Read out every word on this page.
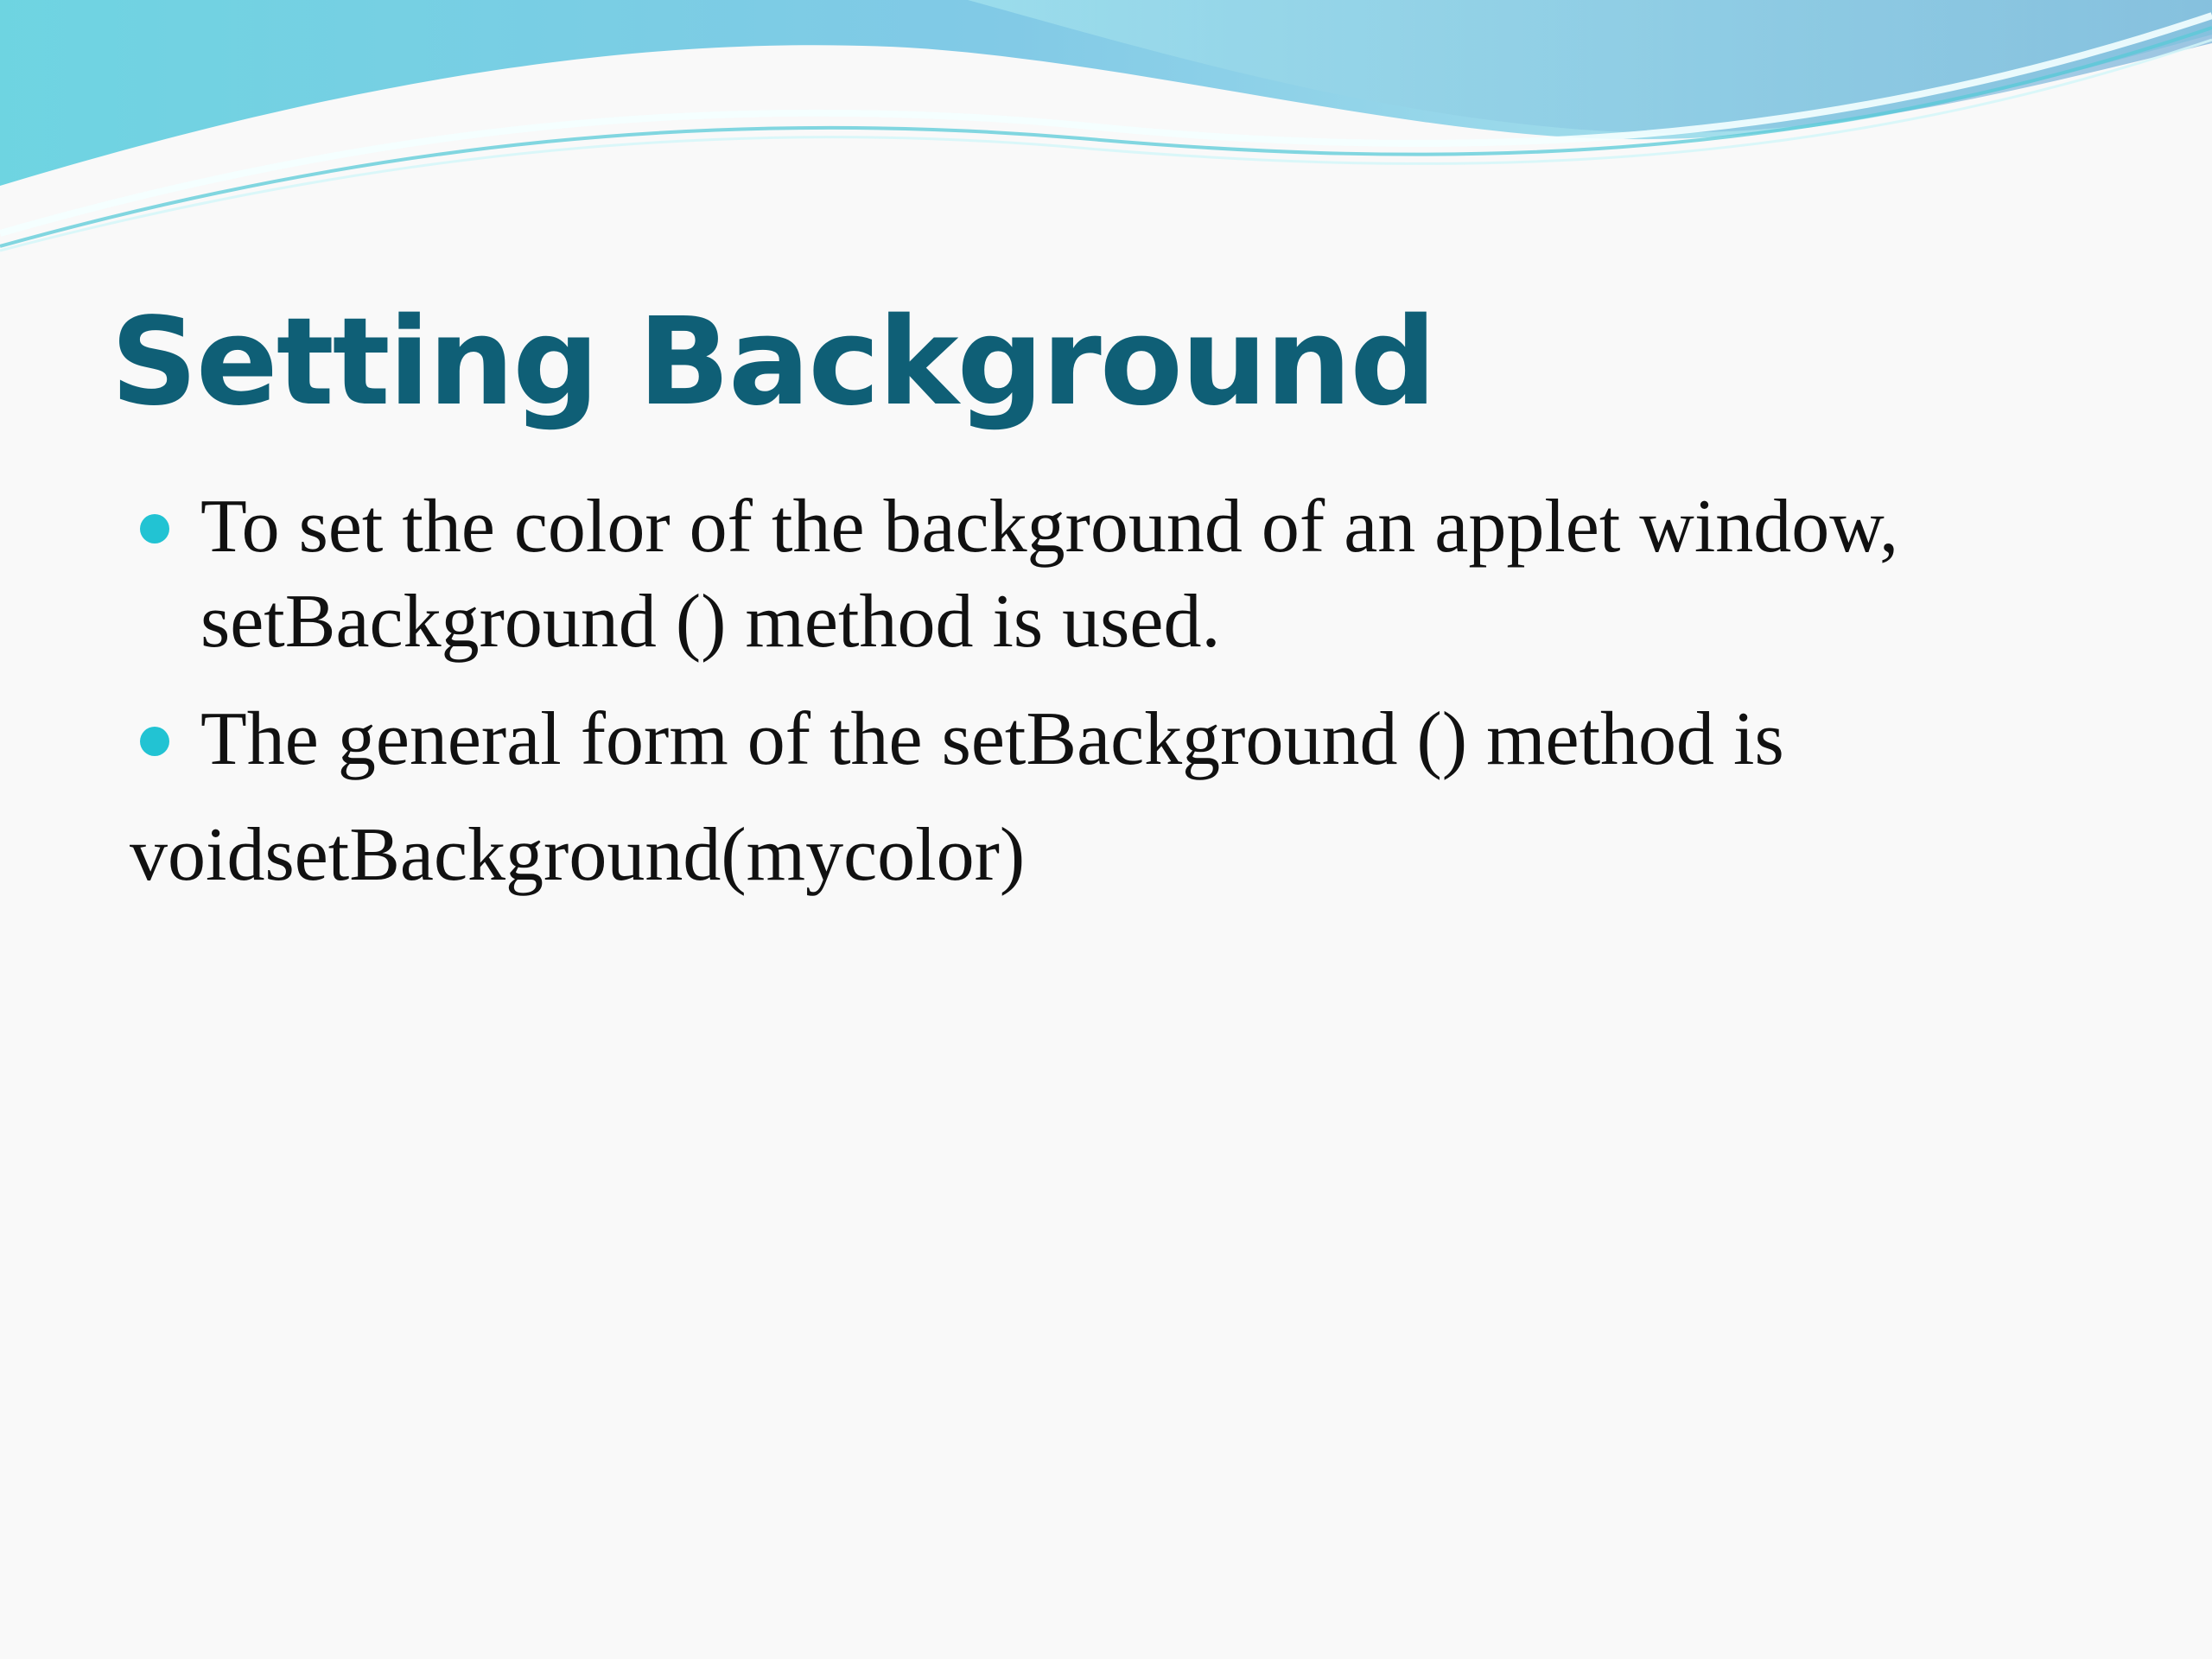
Setting Background
To set the color of the background of an applet window, setBackground () method is used.
The general form of the setBackground () method is

voidsetBackground(mycolor)
